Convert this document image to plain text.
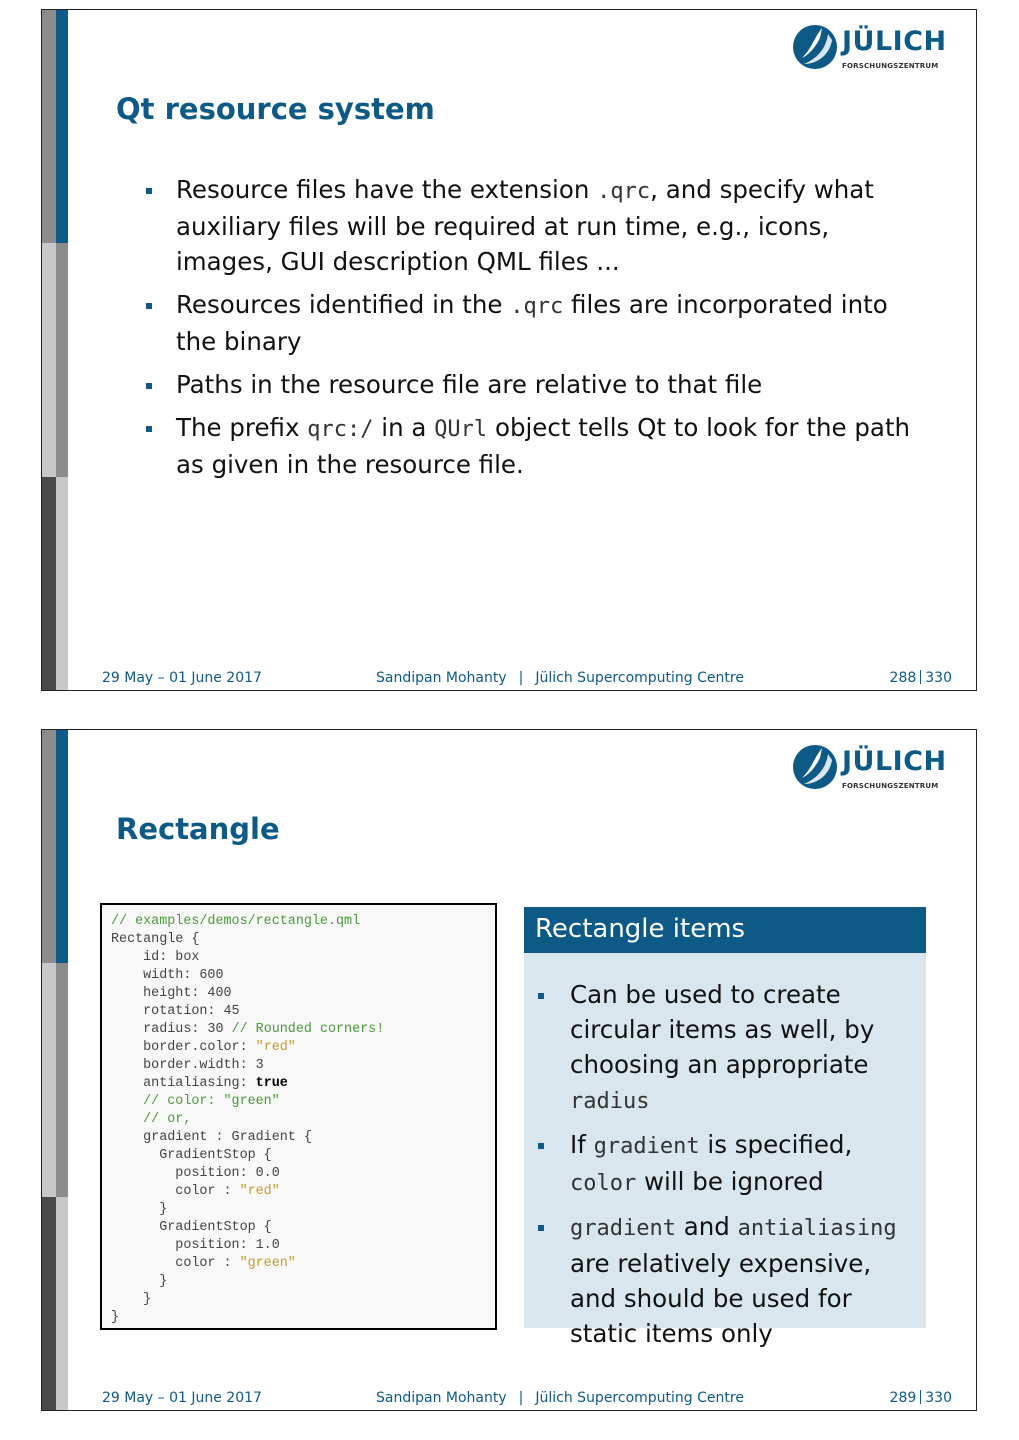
JÜLICH
FORSCHUNGSZENTRUM
Qt resource system
Resource files have the extension .qrc, and specify what auxiliary files will be required at run time, e.g., icons, images, GUI description QML files ...
Resources identified in the .qrc files are incorporated into the binary
Paths in the resource file are relative to that file
The prefix qrc:/ in a QUrl object tells Qt to look for the path as given in the resource file.
29 May – 01 June 2017	Sandipan Mohanty | Jülich Supercomputing Centre	288 330
JÜLICH
FORSCHUNGSZENTRUM
Rectangle
// examples/demos/rectangle.qml
Rectangle {
id: box
width: 600
height: 400
rotation: 45
radius: 30 // Rounded corners!
border.color: "red"
border.width: 3
antialiasing: true
// color: "green"
// or,
gradient : Gradient {
GradientStop {
position: 0.0
color : "red"
}
GradientStop {
position: 1.0
color : "green"
}
}
}
Rectangle items
Can be used to create circular items as well, by choosing an appropriate radius
If gradient is specified, color will be ignored
gradient and antialiasing are relatively expensive, and should be used for static items only
29 May – 01 June 2017	Sandipan Mohanty | Jülich Supercomputing Centre	289 330
